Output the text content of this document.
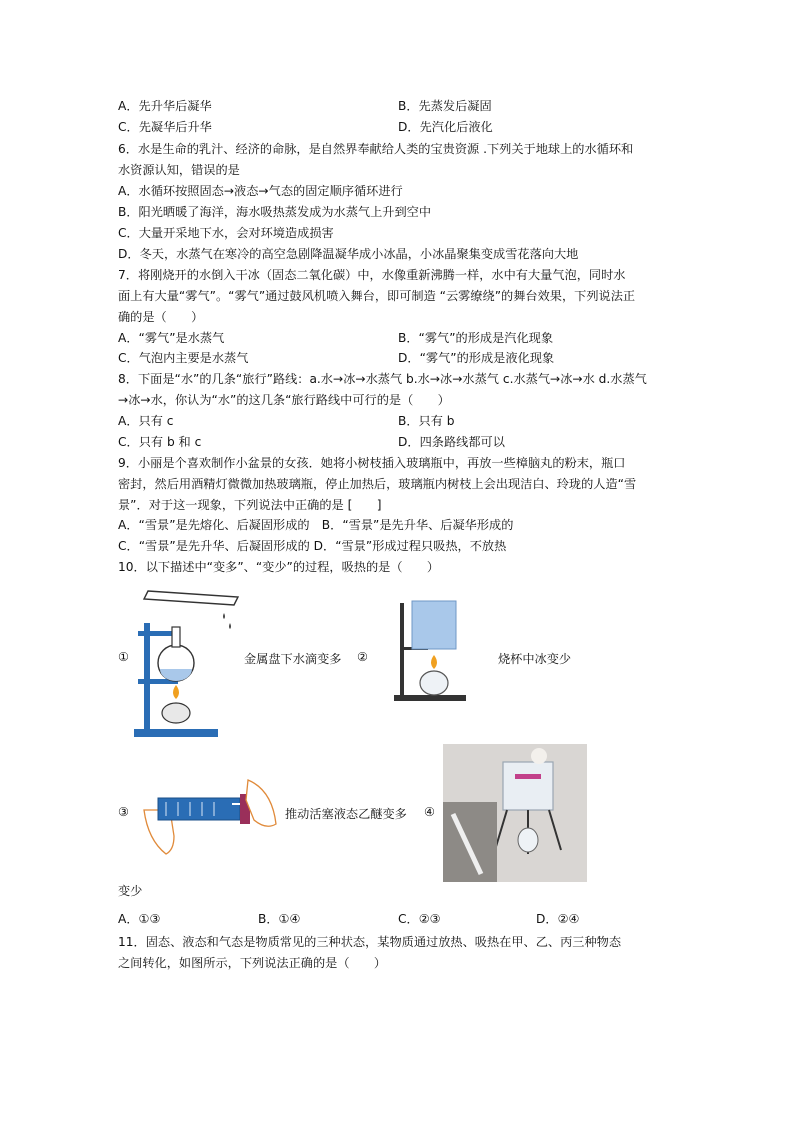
A．先升华后凝华	B．先蒸发后凝固
C．先凝华后升华	D．先汽化后液化
6．水是生命的乳汁、经济的命脉，是自然界奉献给人类的宝贵资源 .下列关于地球上的水循环和
水资源认知，错误的是
A．水循环按照固态→液态→气态的固定顺序循环进行
B．阳光晒暖了海洋，海水吸热蒸发成为水蒸气上升到空中
C．大量开采地下水，会对环境造成损害
D．冬天，水蒸气在寒冷的高空急剧降温凝华成小冰晶，小冰晶聚集变成雪花落向大地
7．将刚烧开的水倒入干冰（固态二氧化碳）中，水像重新沸腾一样，水中有大量气泡，同时水
面上有大量“雾气”。“雾气”通过鼓风机喷入舞台，即可制造 “云雾缭绕”的舞台效果，下列说法正
确的是（　　）
A．“雾气”是水蒸气	B．“雾气”的形成是汽化现象
C．气泡内主要是水蒸气	D．“雾气”的形成是液化现象
8．下面是“水”的几条“旅行”路线：a.水→冰→水蒸气 b.水→冰→水蒸气 c.水蒸气→冰→水 d.水蒸气
→冰→水，你认为“水”的这几条“旅行路线中可行的是（　　）
A．只有 c	B．只有 b
C．只有 b 和 c	D．四条路线都可以
9．小丽是个喜欢制作小盆景的女孩．她将小树枝插入玻璃瓶中，再放一些樟脑丸的粉末，瓶口
密封，然后用酒精灯微微加热玻璃瓶，停止加热后，玻璃瓶内树枝上会出现洁白、玲珑的人造“雪
景”．对于这一现象，下列说法中正确的是 [　　]
A．“雪景”是先熔化、后凝固形成的　B．“雪景”是先升华、后凝华形成的
C．“雪景”是先升华、后凝固形成的 D．“雪景”形成过程只吸热，不放热
10．以下描述中“变多”、“变少”的过程，吸热的是（　　）
变少
11．固态、液态和气态是物质常见的三种状态，某物质通过放热、吸热在甲、乙、丙三种物态
之间转化，如图所示，下列说法正确的是（　　）
①	金属盘下水滴变多 ②	烧杯中冰变少
③	推动活塞液态乙醚变多 ④
A．①③	B．①④	C．②③	D．②④
